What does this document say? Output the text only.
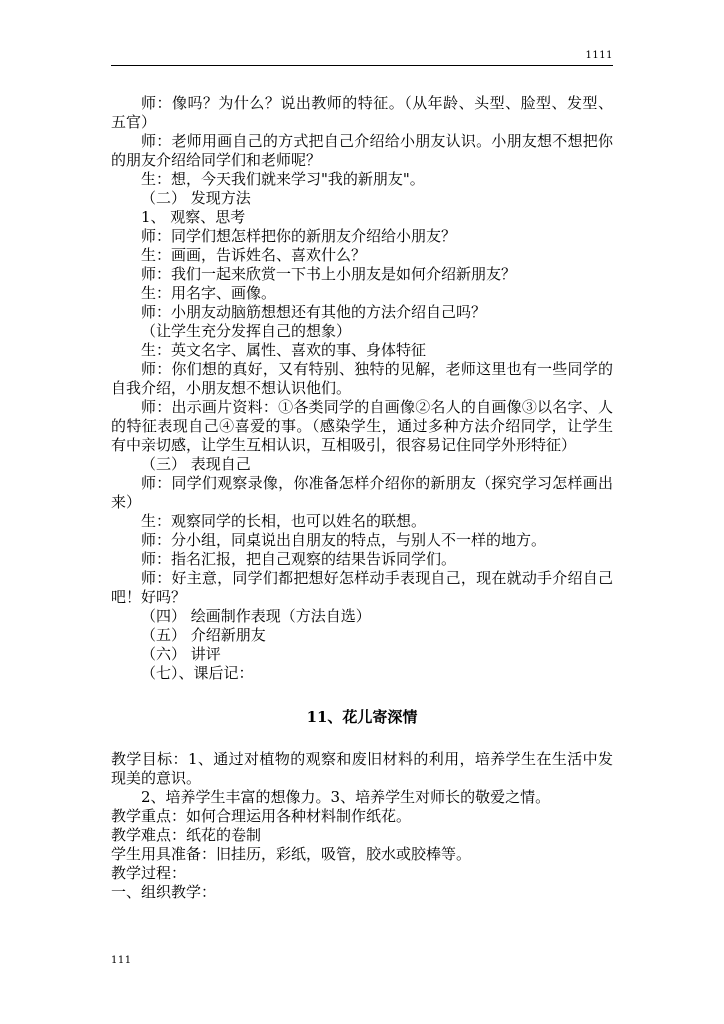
1111

师：像吗？为什么？说出教师的特征。（从年龄、头型、脸型、发型、五官）

师：老师用画自己的方式把自己介绍给小朋友认识。小朋友想不想把你的朋友介绍给同学们和老师呢？

生：想，今天我们就来学习"我的新朋友"。

（二） 发现方法

1、 观察、思考

师：同学们想怎样把你的新朋友介绍给小朋友？

生：画画，告诉姓名、喜欢什么？

师：我们一起来欣赏一下书上小朋友是如何介绍新朋友？

生：用名字、画像。

师：小朋友动脑筋想想还有其他的方法介绍自己吗？

（让学生充分发挥自己的想象）

生：英文名字、属性、喜欢的事、身体特征

师：你们想的真好，又有特别、独特的见解，老师这里也有一些同学的自我介绍，小朋友想不想认识他们。

师：出示画片资料：①各类同学的自画像②名人的自画像③以名字、人的特征表现自己④喜爱的事。（感染学生，通过多种方法介绍同学，让学生有中亲切感，让学生互相认识，互相吸引，很容易记住同学外形特征）

（三） 表现自己

师：同学们观察录像，你准备怎样介绍你的新朋友（探究学习怎样画出来）

生：观察同学的长相，也可以姓名的联想。

师：分小组，同桌说出自朋友的特点，与别人不一样的地方。

师：指名汇报，把自己观察的结果告诉同学们。

师：好主意，同学们都把想好怎样动手表现自己，现在就动手介绍自己吧！好吗？

（四） 绘画制作表现（方法自选）

（五） 介绍新朋友

（六） 讲评

（七）、课后记：

11、花儿寄深情

教学目标：1、通过对植物的观察和废旧材料的利用，培养学生在生活中发现美的意识。

2、培养学生丰富的想像力。3、培养学生对师长的敬爱之情。

教学重点：如何合理运用各种材料制作纸花。

教学难点：纸花的卷制

学生用具准备：旧挂历，彩纸，吸管，胶水或胶棒等。

教学过程：

一、组织教学：

111
